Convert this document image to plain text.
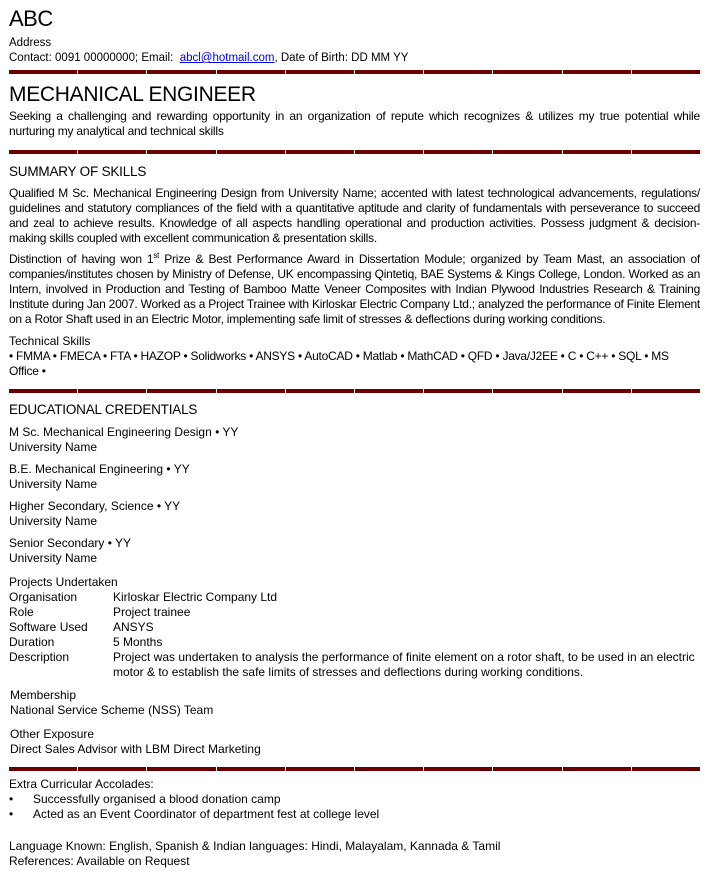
ABC
Address
Contact: 0091 00000000; Email:  abcl@hotmail.com, Date of Birth: DD MM YY
MECHANICAL ENGINEER
Seeking a challenging and rewarding opportunity in an organization of repute which recognizes & utilizes my true potential while nurturing my analytical and technical skills
SUMMARY OF SKILLS

Qualified M Sc. Mechanical Engineering Design from University Name; accented with latest technological advancements, regulations/ guidelines and statutory compliances of the field with a quantitative aptitude and clarity of fundamentals with perseverance to succeed and zeal to achieve results. Knowledge of all aspects handling operational and production activities. Possess judgment & decision-making skills coupled with excellent communication & presentation skills.

Distinction of having won 1st Prize & Best Performance Award in Dissertation Module; organized by Team Mast, an association of companies/institutes chosen by Ministry of Defense, UK encompassing Qintetiq, BAE Systems & Kings College, London. Worked as an Intern, involved in Production and Testing of Bamboo Matte Veneer Composites with Indian Plywood Industries Research & Training Institute during Jan 2007. Worked as a Project Trainee with Kirloskar Electric Company Ltd.; analyzed the performance of Finite Element on a Rotor Shaft used in an Electric Motor, implementing safe limit of stresses & deflections during working conditions.

Technical Skills
• FMMA • FMECA • FTA • HAZOP • Solidworks • ANSYS • AutoCAD • Matlab • MathCAD • QFD • Java/J2EE • C • C++ • SQL • MS Office •
EDUCATIONAL CREDENTIALS
M Sc. Mechanical Engineering Design • YY
University Name
B.E. Mechanical Engineering • YY
University Name
Higher Secondary, Science • YY
University Name
Senior Secondary • YY
University Name
Projects Undertaken
Organisation	Kirloskar Electric Company Ltd
Role	Project trainee
Software Used	ANSYS
Duration	5 Months
Description	Project was undertaken to analysis the performance of finite element on a rotor shaft, to be used in an electric motor & to establish the safe limits of stresses and deflections during working conditions.
Membership
National Service Scheme (NSS) Team
Other Exposure
Direct Sales Advisor with LBM Direct Marketing
Extra Curricular Accolades:
•	Successfully organised a blood donation camp
•	Acted as an Event Coordinator of department fest at college level
Language Known: English, Spanish & Indian languages: Hindi, Malayalam, Kannada & Tamil
References: Available on Request
